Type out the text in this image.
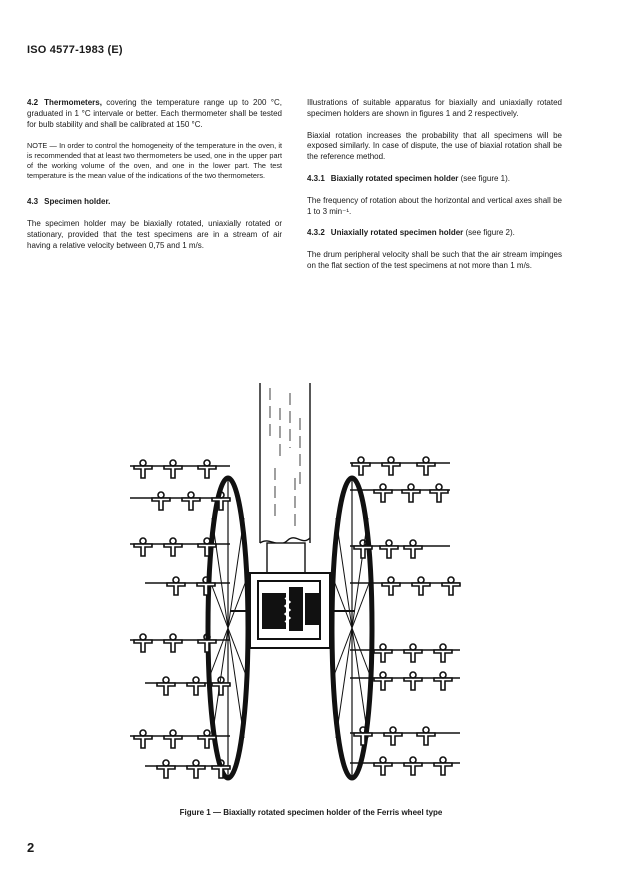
ISO 4577-1983 (E)

4.2 Thermometers, covering the temperature range up to 200 °C, graduated in 1 °C intervale or better. Each thermometer shall be tested for bulb stability and shall be calibrated at 150 °C.

NOTE — In order to control the homogeneity of the temperature in the oven, it is recommended that at least two thermometers be used, one in the upper part of the working volume of the oven, and one in the lower part. The test temperature is the mean value of the indications of the two thermometers.

4.3 Specimen holder.

The specimen holder may be biaxially rotated, uniaxially rotated or stationary, provided that the test specimens are in a stream of air having a relative velocity between 0,75 and 1 m/s.

Illustrations of suitable apparatus for biaxially and uniaxially rotated specimen holders are shown in figures 1 and 2 respectively.

Biaxial rotation increases the probability that all specimens will be exposed similarly. In case of dispute, the use of biaxial rotation shall be the reference method.

4.3.1 Biaxially rotated specimen holder (see figure 1).

The frequency of rotation about the horizontal and vertical axes shall be 1 to 3 min⁻¹.

4.3.2 Uniaxially rotated specimen holder (see figure 2).

The drum peripheral velocity shall be such that the air stream impinges on the flat section of the test specimens at not more than 1 m/s.

Figure 1 — Biaxially rotated specimen holder of the Ferris wheel type
2
